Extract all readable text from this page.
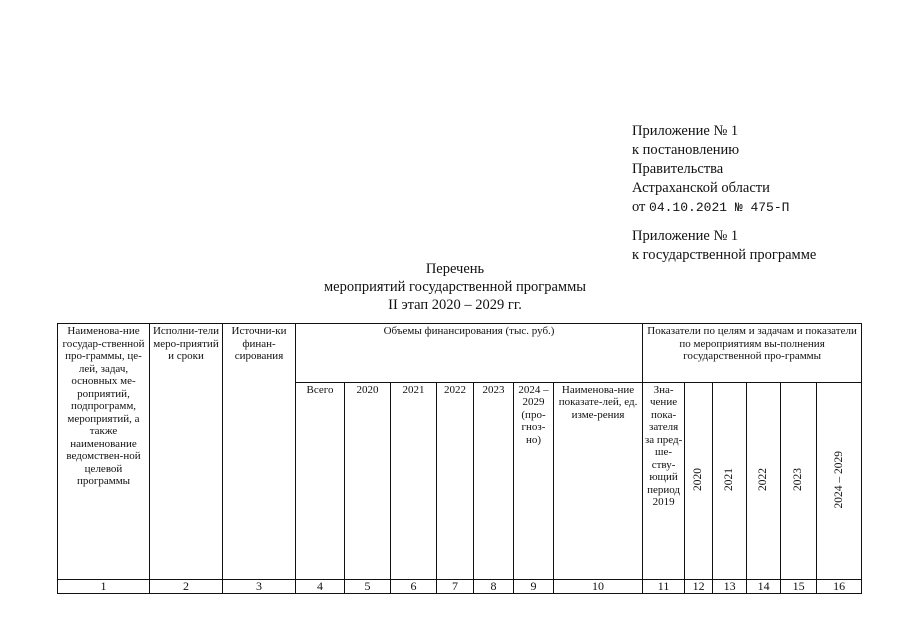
Приложение № 1
к постановлению
Правительства
Астраханской области
от 04.10.2021 № 475-П
Приложение № 1
к государственной программе
Перечень
мероприятий государственной программы
II этап 2020 – 2029 гг.
Наименова-ние государ-ственной про-граммы, це-лей, задач, основных ме-роприятий, подпрограмм, мероприятий, а также наименование ведомствен-ной целевой программы	Исполни-тели меро-приятий и сроки	Источни-ки финан-сирования	Объемы финансирования (тыс. руб.)							Показатели по целям и задачам и показатели по мероприятиям вы-полнения государственной про-граммы					
			Всего	2020	2021	2022	2023	2024 – 2029 (про-гноз-но)	Наименова-ние показате-лей, ед. изме-рения	Зна-чение пока-зателя за пред-ше-ству-ющий период 2019	2020	2021	2022	2023	2024 – 2029
1	2	3	4	5	6	7	8	9	10	11	12	13	14	15	16
